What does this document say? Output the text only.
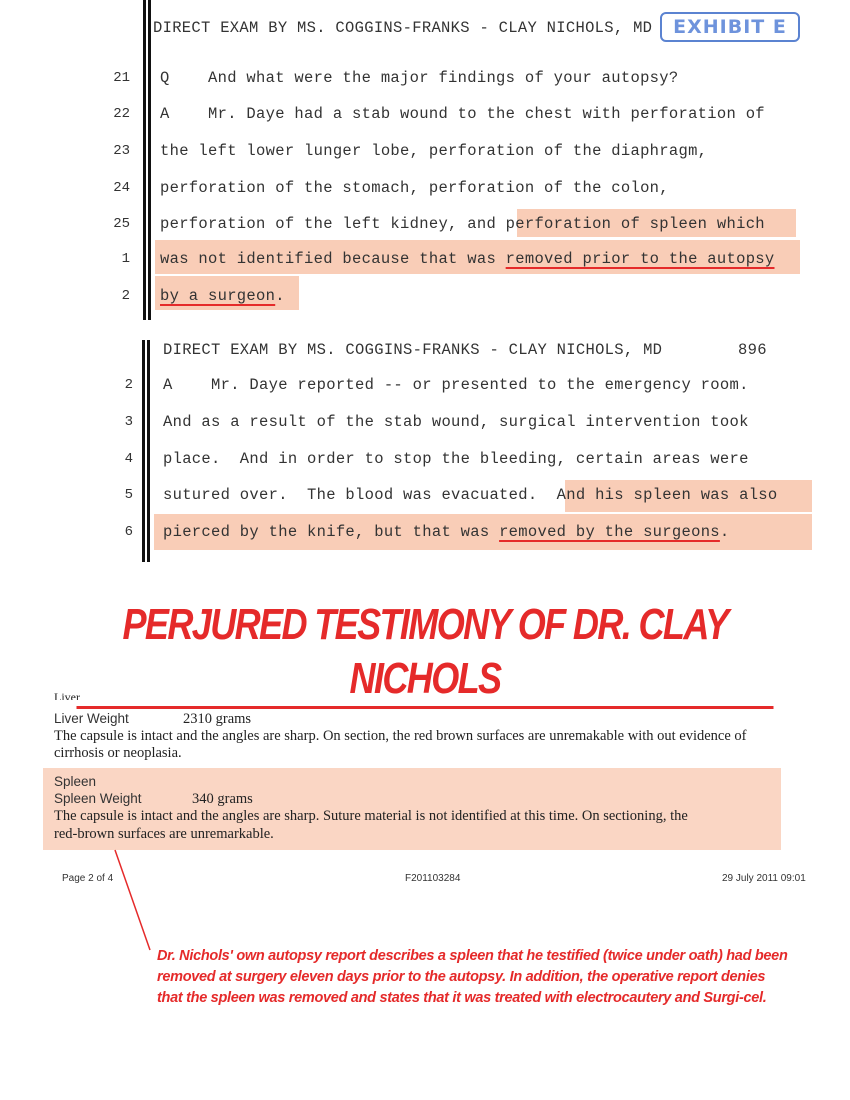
DIRECT EXAM BY MS. COGGINS-FRANKS - CLAY NICHOLS, MD
21 Q    And what were the major findings of your autopsy?
22 A    Mr. Daye had a stab wound to the chest with perforation of
23 the left lower lunger lobe, perforation of the diaphragm,
24 perforation of the stomach, perforation of the colon,
25 perforation of the left kidney, and perforation of spleen which
1 was not identified because that was removed prior to the autopsy
2 by a surgeon.
EXHIBIT E
DIRECT EXAM BY MS. COGGINS-FRANKS - CLAY NICHOLS, MD	896
2 A    Mr. Daye reported -- or presented to the emergency room.
3 And as a result of the stab wound, surgical intervention took
4 place.  And in order to stop the bleeding, certain areas were
5 sutured over.  The blood was evacuated.  And his spleen was also
6 pierced by the knife, but that was removed by the surgeons.
PERJURED TESTIMONY OF DR. CLAY NICHOLS
Liver
Liver Weight	2310 grams
The capsule is intact and the angles are sharp. On section, the red brown surfaces are unremakable with out evidence of
cirrhosis or neoplasia.
Spleen
Spleen Weight	340 grams
The capsule is intact and the angles are sharp. Suture material is not identified at this time. On sectioning, the
red-brown surfaces are unremarkable.
Page 2 of 4	F201103284	29 July 2011 09:01
Dr. Nichols' own autopsy report describes a spleen that he testified (twice under oath) had been
removed at surgery eleven days prior to the autopsy. In addition, the operative report denies
that the spleen was removed and states that it was treated with electrocautery and Surgi-cel.
